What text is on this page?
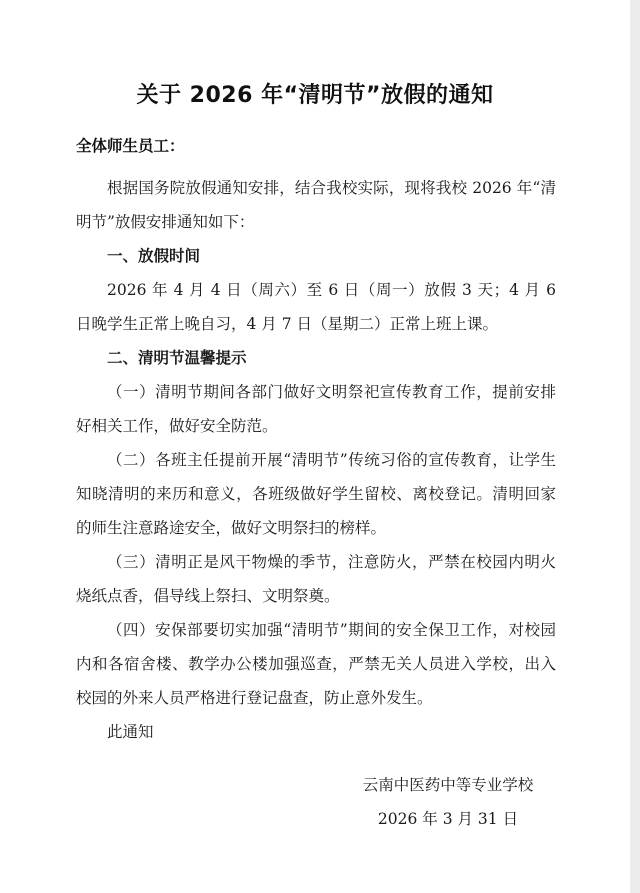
关于 2026 年“清明节”放假的通知
全体师生员工：

根据国务院放假通知安排，结合我校实际，现将我校 2026 年“清明节”放假安排通知如下：

一、放假时间

2026 年 4 月 4 日（周六）至 6 日（周一）放假 3 天；4 月 6 日晚学生正常上晚自习，4 月 7 日（星期二）正常上班上课。

二、清明节温馨提示

（一）清明节期间各部门做好文明祭祀宣传教育工作，提前安排好相关工作，做好安全防范。

（二）各班主任提前开展“清明节”传统习俗的宣传教育，让学生知晓清明的来历和意义，各班级做好学生留校、离校登记。清明回家的师生注意路途安全，做好文明祭扫的榜样。

（三）清明正是风干物燥的季节，注意防火，严禁在校园内明火烧纸点香，倡导线上祭扫、文明祭奠。

（四）安保部要切实加强“清明节”期间的安全保卫工作，对校园内和各宿舍楼、教学办公楼加强巡查，严禁无关人员进入学校，出入校园的外来人员严格进行登记盘查，防止意外发生。

此通知

云南中医药中等专业学校
2026 年 3 月 31 日
